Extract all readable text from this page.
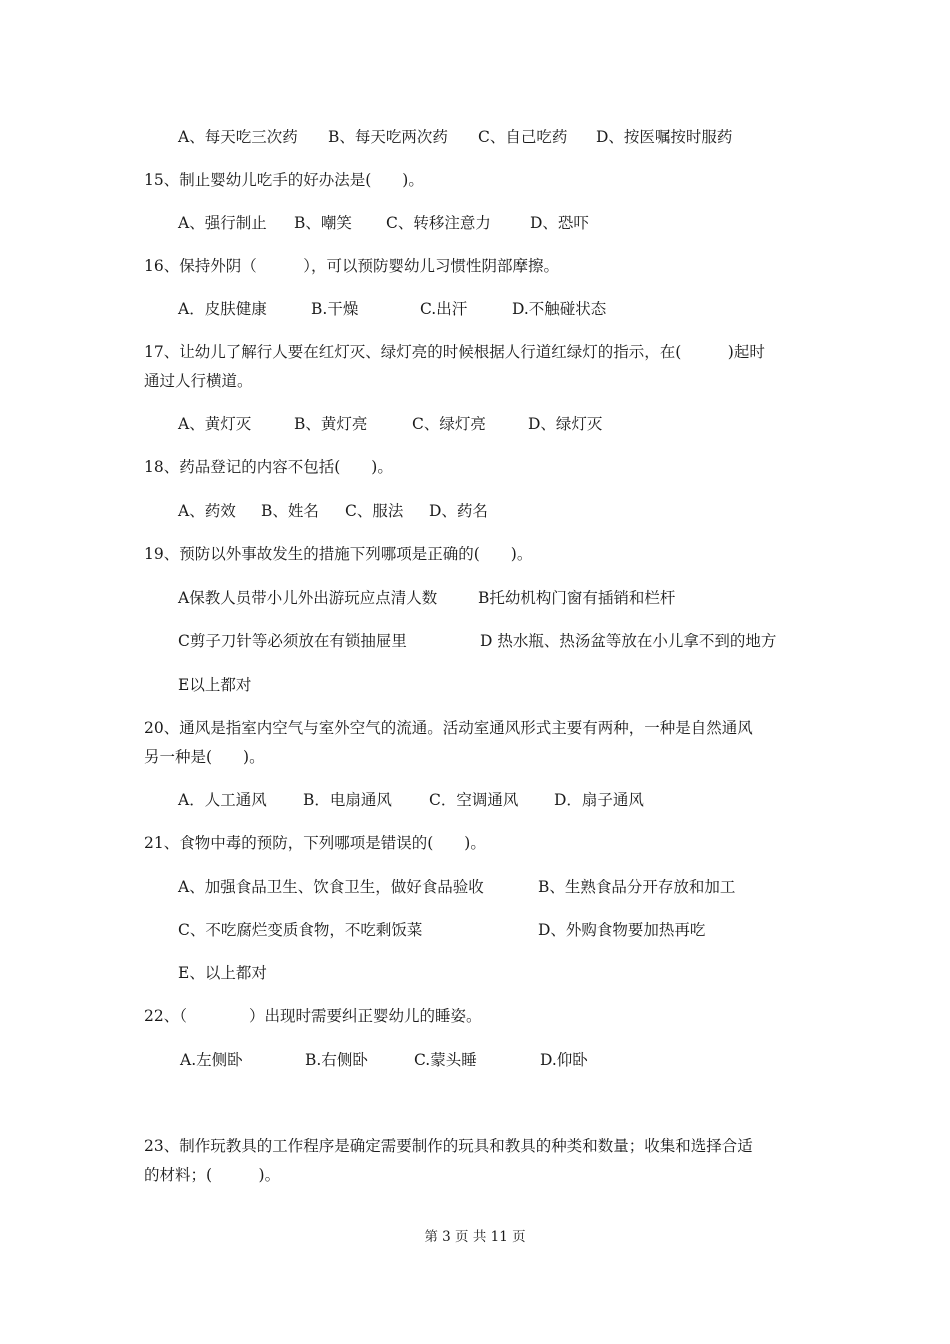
A、每天吃三次药 B、每天吃两次药 C、自己吃药 D、按医嘱按时服药
15、制止婴幼儿吃手的好办法是(　　)。
A、强行制止 B、嘲笑 C、转移注意力	D、恐吓
16、保持外阴（　　　），可以预防婴幼儿习惯性阴部摩擦。
A．皮肤健康	B.干燥	C.出汗	D.不触碰状态
17、让幼儿了解行人要在红灯灭、绿灯亮的时候根据人行道红绿灯的指示，在(　　　)起时
通过人行横道。
A、黄灯灭	B、黄灯亮	C、绿灯亮	D、绿灯灭
18、药品登记的内容不包括(　　)。
A、药效 B、姓名 C、服法 D、药名
19、预防以外事故发生的措施下列哪项是正确的(　　)。
A保教人员带小儿外出游玩应点清人数	B托幼机构门窗有插销和栏杆
C剪子刀针等必须放在有锁抽屉里	D 热水瓶、热汤盆等放在小儿拿不到的地方
E以上都对
20、通风是指室内空气与室外空气的流通。活动室通风形式主要有两种，一种是自然通风
另一种是(　　)。
A．人工通风 B．电扇通风 C．空调通风 D．扇子通风
21、食物中毒的预防，下列哪项是错误的(　　)。
A、加强食品卫生、饮食卫生，做好食品验收	B、生熟食品分开存放和加工
C、不吃腐烂变质食物，不吃剩饭菜	D、外购食物要加热再吃
E、以上都对
22、（　　　　）出现时需要纠正婴幼儿的睡姿。
A.左侧卧	B.右侧卧	C.蒙头睡	D.仰卧
23、制作玩教具的工作程序是确定需要制作的玩具和教具的种类和数量；收集和选择合适
的材料；(　　　)。
第 3 页 共 11 页
